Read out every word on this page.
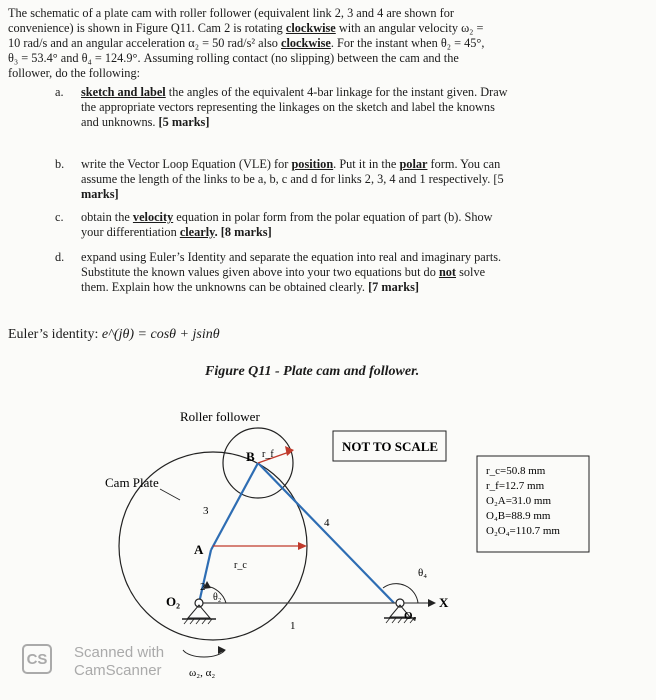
The schematic of a plate cam with roller follower (equivalent link 2, 3 and 4 are shown for
convenience) is shown in Figure Q11. Cam 2 is rotating clockwise with an angular velocity ω₂ =
10 rad/s and an angular acceleration α₂ = 50 rad/s² also clockwise. For the instant when θ₂ = 45°,
θ₃ = 53.4° and θ₄ = 124.9°. Assuming rolling contact (no slipping) between the cam and the
follower, do the following:
a. sketch and label the angles of the equivalent 4-bar linkage for the instant given. Draw
the appropriate vectors representing the linkages on the sketch and label the knowns
and unknowns. [5 marks]
b. write the Vector Loop Equation (VLE) for position. Put it in the polar form. You can
assume the length of the links to be a, b, c and d for links 2, 3, 4 and 1 respectively. [5
marks]
c. obtain the velocity equation in polar form from the polar equation of part (b). Show
your differentiation clearly. [8 marks]
d. expand using Euler’s Identity and separate the equation into real and imaginary parts.
Substitute the known values given above into your two equations but do not solve
them. Explain how the unknowns can be obtained clearly. [7 marks]
Euler’s identity: e^(jθ) = cosθ + jsinθ
Figure Q11 - Plate cam and follower.
Roller follower
Cam Plate
B r_f
A
r_c
3
2
4
1
O₂
O₄
θ₂
θ₄
X
ω₂, α₂
NOT TO SCALE
r_c=50.8 mm
r_f=12.7 mm
O₂A=31.0 mm
O₄B=88.9 mm
O₂O₄=110.7 mm
CS	Scanned with
CamScanner
